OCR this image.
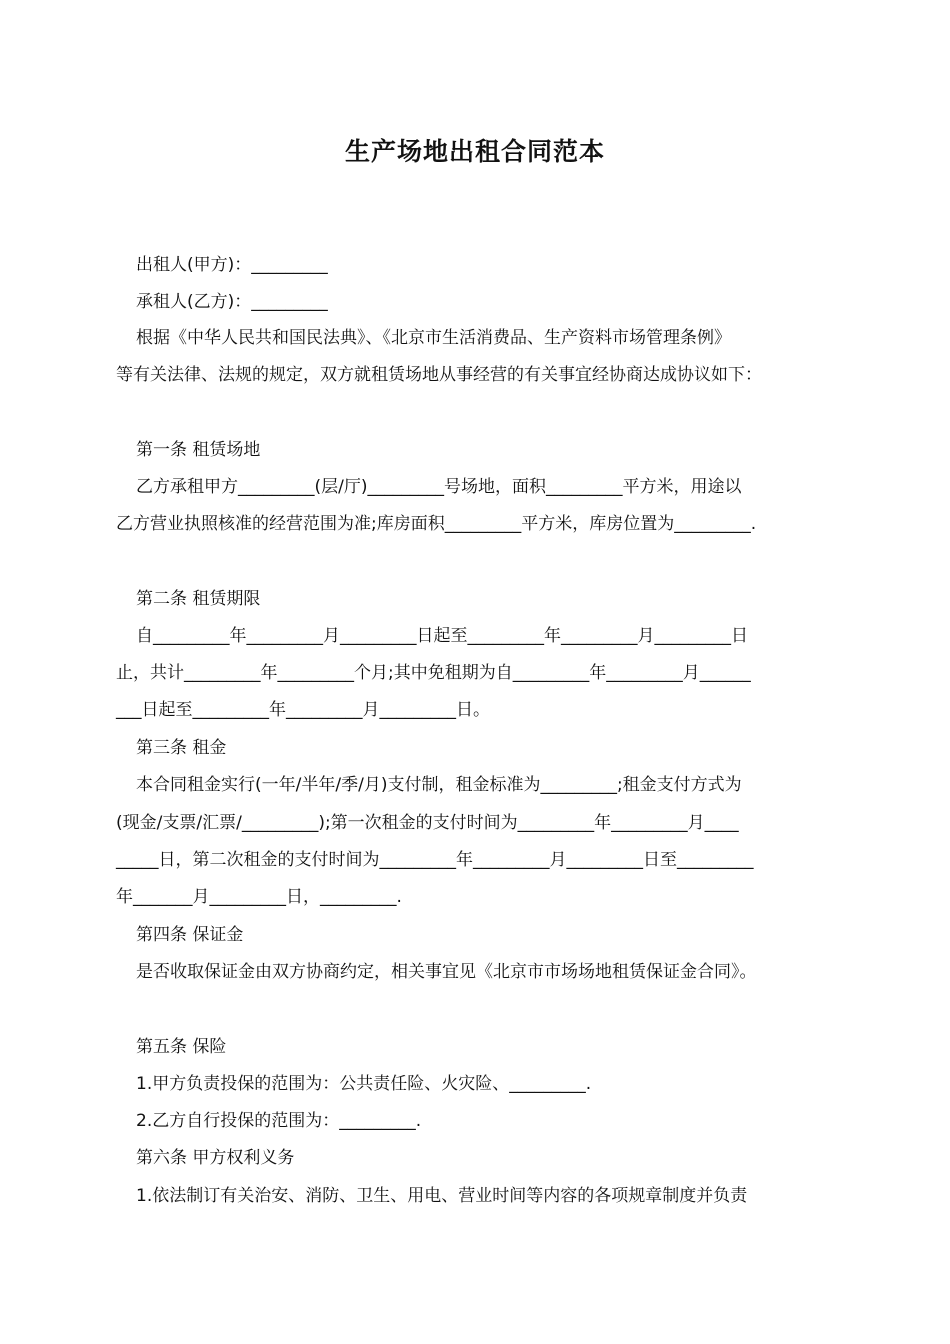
生产场地出租合同范本
出租人(甲方)：_________
承租人(乙方)：_________
根据《中华人民共和国民法典》、《北京市生活消费品、生产资料市场管理条例》
等有关法律、法规的规定，双方就租赁场地从事经营的有关事宜经协商达成协议如下：
第一条 租赁场地
乙方承租甲方_________(层/厅)_________号场地，面积_________平方米，用途以
乙方营业执照核准的经营范围为准;库房面积_________平方米，库房位置为_________.
第二条 租赁期限
自_________年_________月_________日起至_________年_________月_________日
止，共计_________年_________个月;其中免租期为自_________年_________月______
___日起至_________年_________月_________日。
第三条 租金
本合同租金实行(一年/半年/季/月)支付制，租金标准为_________;租金支付方式为
(现金/支票/汇票/_________);第一次租金的支付时间为_________年_________月____
_____日，第二次租金的支付时间为_________年_________月_________日至_________
年_______月_________日，_________.
第四条 保证金
是否收取保证金由双方协商约定，相关事宜见《北京市市场场地租赁保证金合同》。
第五条 保险
1.甲方负责投保的范围为：公共责任险、火灾险、_________.
2.乙方自行投保的范围为：_________.
第六条 甲方权利义务
1.依法制订有关治安、消防、卫生、用电、营业时间等内容的各项规章制度并负责
